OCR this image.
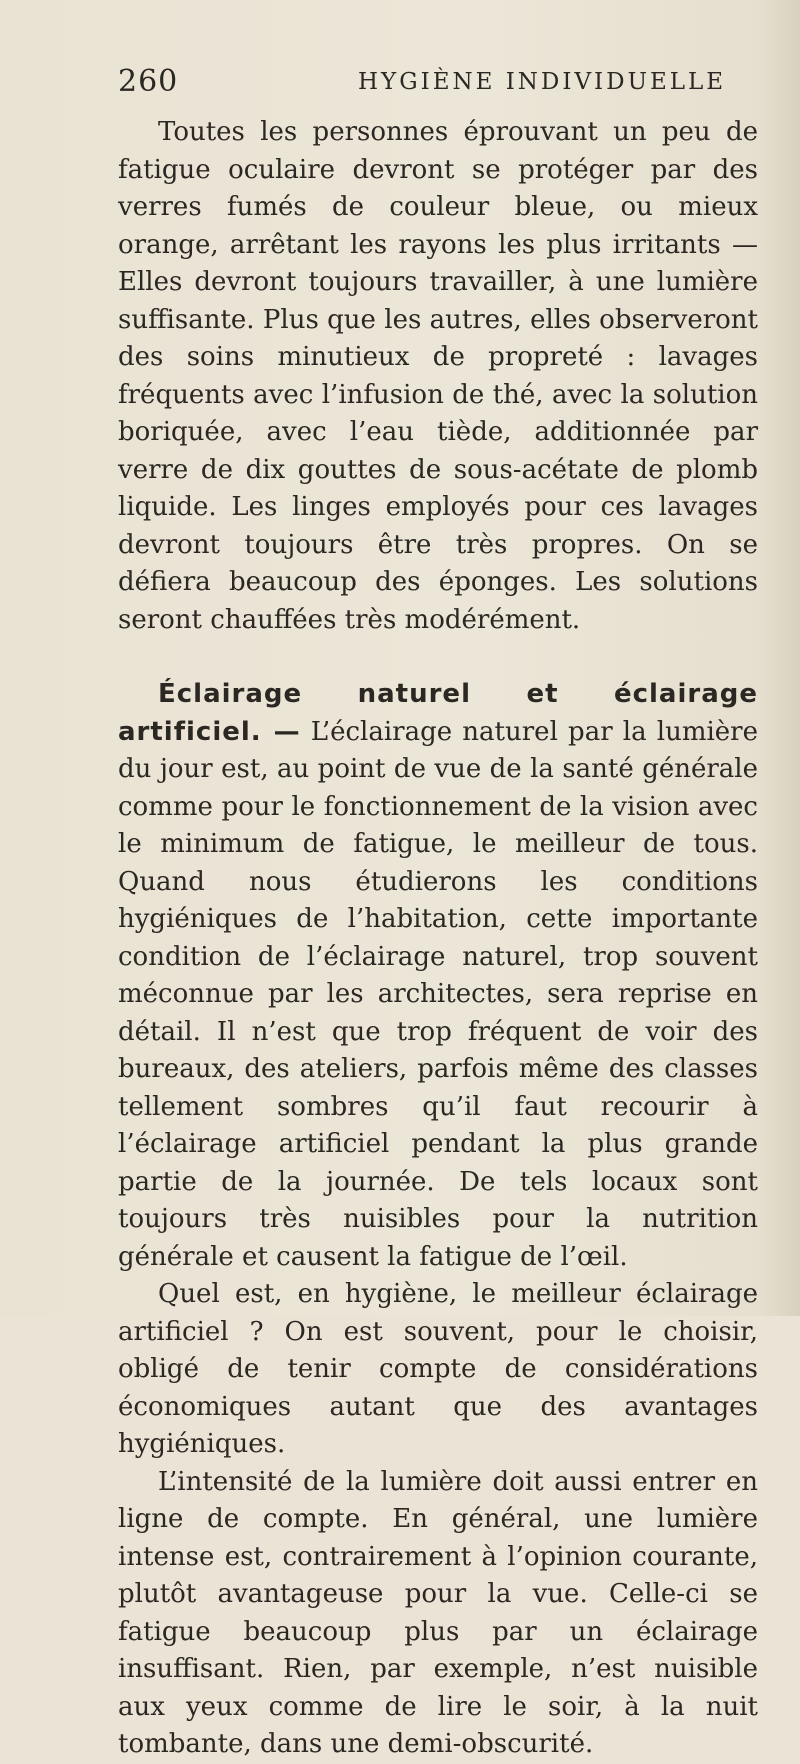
260	HYGIÈNE INDIVIDUELLE

Toutes les personnes éprouvant un peu de fatigue oculaire devront se protéger par des verres fumés de couleur bleue, ou mieux orange, arrêtant les rayons les plus irritants — Elles devront toujours travailler, à une lumière suffisante. Plus que les autres, elles observeront des soins minutieux de propreté : lavages fréquents avec l’infusion de thé, avec la solution boriquée, avec l’eau tiède, additionnée par verre de dix gouttes de sous-acétate de plomb liquide. Les linges employés pour ces lavages devront toujours être très propres. On se défiera beaucoup des éponges. Les solutions seront chauffées très modérément.

Éclairage naturel et éclairage artificiel. — L’éclairage naturel par la lumière du jour est, au point de vue de la santé générale comme pour le fonctionnement de la vision avec le minimum de fatigue, le meilleur de tous. Quand nous étudierons les conditions hygiéniques de l’habitation, cette importante condition de l’éclairage naturel, trop souvent méconnue par les architectes, sera reprise en détail. Il n’est que trop fréquent de voir des bureaux, des ateliers, parfois même des classes tellement sombres qu’il faut recourir à l’éclairage artificiel pendant la plus grande partie de la journée. De tels locaux sont toujours très nuisibles pour la nutrition générale et causent la fatigue de l’œil.

Quel est, en hygiène, le meilleur éclairage artificiel ? On est souvent, pour le choisir, obligé de tenir compte de considérations économiques autant que des avantages hygiéniques.

L’intensité de la lumière doit aussi entrer en ligne de compte. En général, une lumière intense est, contrairement à l’opinion courante, plutôt avantageuse pour la vue. Celle-ci se fatigue beaucoup plus par un éclairage insuffisant. Rien, par exemple, n’est nuisible aux yeux comme de lire le soir, à la nuit tombante, dans une demi-obscurité.
